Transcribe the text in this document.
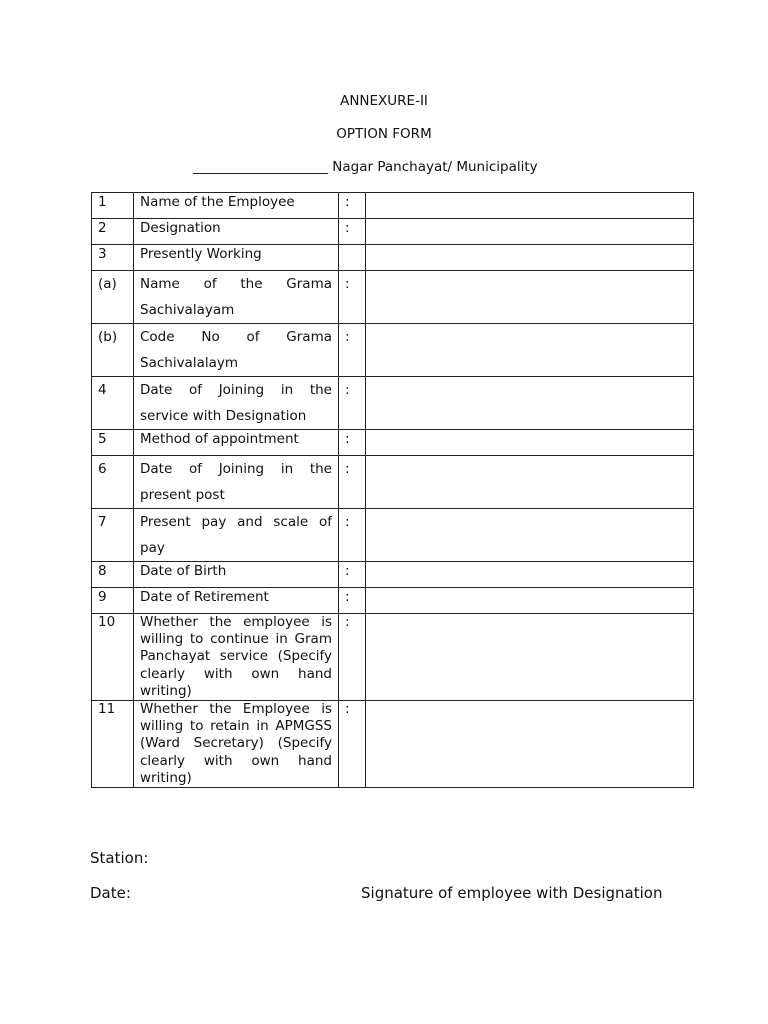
ANNEXURE-II
OPTION FORM
____________________ Nagar Panchayat/ Municipality
1	Name of the Employee	:	
2	Designation	:	
3	Presently Working		
(a)	Name of the Grama Sachivalayam	:	
(b)	Code No of Grama Sachivalalaym	:	
4	Date of Joining in the service with Designation	:	
5	Method of appointment	:	
6	Date of Joining in the present post	:	
7	Present pay and scale of pay	:	
8	Date of Birth	:	
9	Date of Retirement	:	
10	Whether the employee is willing to continue in Gram Panchayat service (Specify clearly with own hand writing)	:	
11	Whether the Employee is willing to retain in APMGSS (Ward Secretary) (Specify clearly with own hand writing)	:	
Station:
Date:	Signature of employee with Designation
